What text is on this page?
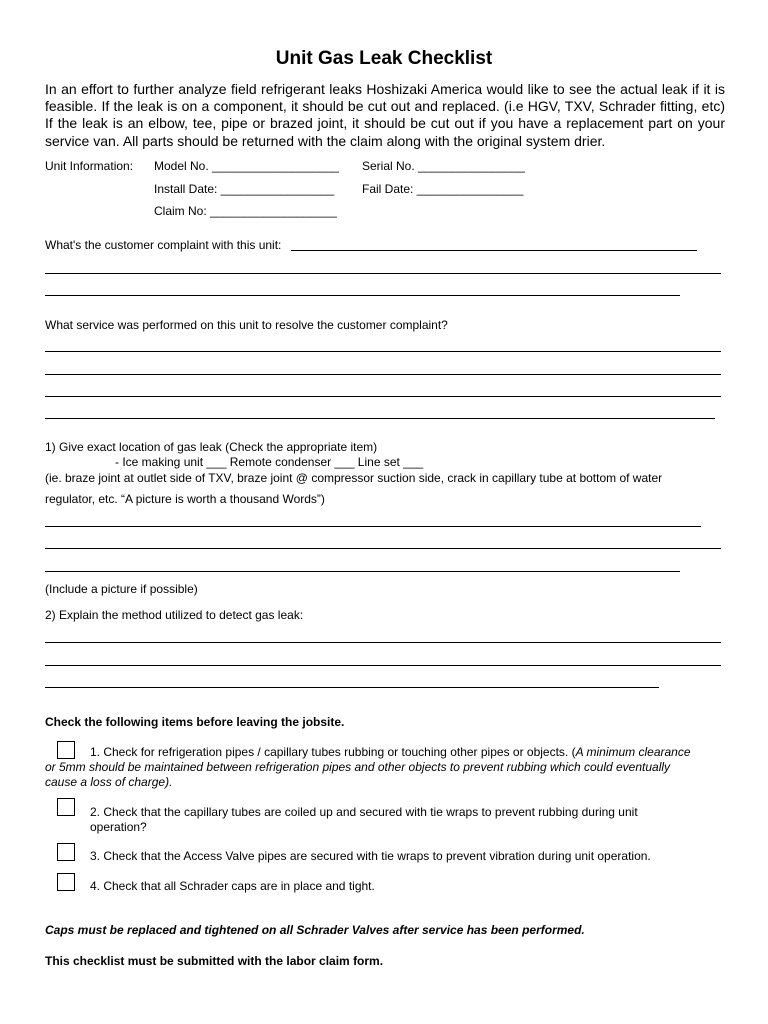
Unit Gas Leak Checklist
In an effort to further analyze field refrigerant leaks Hoshizaki America would like to see the actual leak if it is
feasible. If the leak is on a component, it should be cut out and replaced. (i.e HGV, TXV, Schrader fitting, etc)
If the leak is an elbow, tee, pipe or brazed joint, it should be cut out if you have a replacement part on your
service van. All parts should be returned with the claim along with the original system drier.
Unit Information: Model No. ___________________ Serial No. ________________
Install Date: _________________ Fail Date: ________________
Claim No: ___________________
What's the customer complaint with this unit:
What service was performed on this unit to resolve the customer complaint?
1) Give exact location of gas leak (Check the appropriate item)
- Ice making unit ___ Remote condenser ___ Line set ___
(ie. braze joint at outlet side of TXV, braze joint @ compressor suction side, crack in capillary tube at bottom of water
regulator, etc. “A picture is worth a thousand Words”)
(Include a picture if possible)
2) Explain the method utilized to detect gas leak:
Check the following items before leaving the jobsite.
1. Check for refrigeration pipes / capillary tubes rubbing or touching other pipes or objects. (A minimum clearance
or 5mm should be maintained between refrigeration pipes and other objects to prevent rubbing which could eventually
cause a loss of charge).
2. Check that the capillary tubes are coiled up and secured with tie wraps to prevent rubbing during unit
operation?
3. Check that the Access Valve pipes are secured with tie wraps to prevent vibration during unit operation.
4. Check that all Schrader caps are in place and tight.
Caps must be replaced and tightened on all Schrader Valves after service has been performed.
This checklist must be submitted with the labor claim form.
